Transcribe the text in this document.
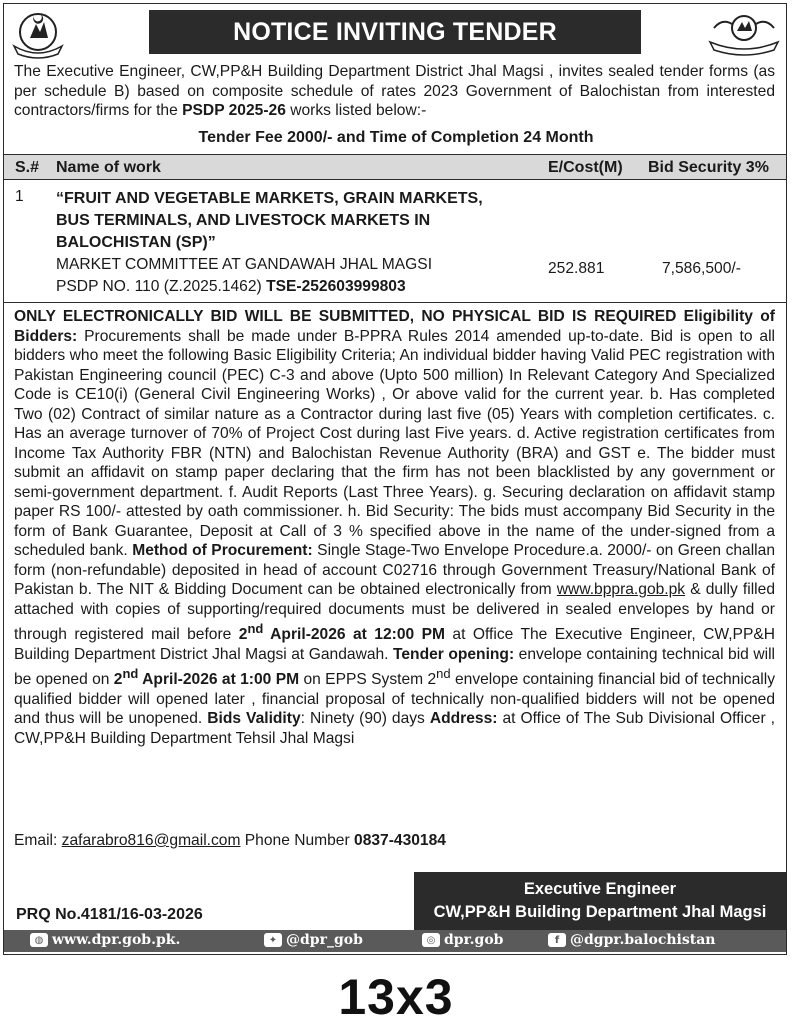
NOTICE INVITING TENDER
The Executive Engineer, CW,PP&H Building Department District Jhal Magsi , invites sealed tender forms (as per schedule B) based on composite schedule of rates 2023 Government of Balochistan from interested contractors/firms for the PSDP 2025-26 works listed below:-
Tender Fee 2000/- and Time of Completion 24 Month
S.# Name of work	E/Cost(M) Bid Security 3%
1 “FRUIT AND VEGETABLE MARKETS, GRAIN MARKETS,
BUS TERMINALS, AND LIVESTOCK MARKETS IN
BALOCHISTAN (SP)”
MARKET COMMITTEE AT GANDAWAH JHAL MAGSI
PSDP NO. 110 (Z.2025.1462) TSE-252603999803
252.881	7,586,500/-
ONLY ELECTRONICALLY BID WILL BE SUBMITTED, NO PHYSICAL BID IS REQUIRED Eligibility of Bidders: Procurements shall be made under B-PPRA Rules 2014 amended up-to-date. Bid is open to all bidders who meet the following Basic Eligibility Criteria; An individual bidder having Valid PEC registration with Pakistan Engineering council (PEC) C-3 and above (Upto 500 million) In Relevant Category And Specialized Code is CE10(i) (General Civil Engineering Works) , Or above valid for the current year. b. Has completed Two (02) Contract of similar nature as a Contractor during last five (05) Years with completion certificates. c. Has an average turnover of 70% of Project Cost during last Five years. d. Active registration certificates from Income Tax Authority FBR (NTN) and Balochistan Revenue Authority (BRA) and GST e. The bidder must submit an affidavit on stamp paper declaring that the firm has not been blacklisted by any government or semi-government department. f. Audit Reports (Last Three Years). g. Securing declaration on affidavit stamp paper RS 100/- attested by oath commissioner. h. Bid Security: The bids must accompany Bid Security in the form of Bank Guarantee, Deposit at Call of 3 % specified above in the name of the under-signed from a scheduled bank. Method of Procurement: Single Stage-Two Envelope Procedure.a. 2000/- on Green challan form (non-refundable) deposited in head of account C02716 through Government Treasury/National Bank of Pakistan b. The NIT & Bidding Document can be obtained electronically from www.bppra.gob.pk & dully filled attached with copies of supporting/required documents must be delivered in sealed envelopes by hand or through registered mail before 2nd April-2026 at 12:00 PM at Office The Executive Engineer, CW,PP&H Building Department District Jhal Magsi at Gandawah. Tender opening: envelope containing technical bid will be opened on 2nd April-2026 at 1:00 PM on EPPS System 2nd envelope containing financial bid of technically qualified bidder will opened later , financial proposal of technically non-qualified bidders will not be opened and thus will be unopened. Bids Validity: Ninety (90) days Address: at Office of The Sub Divisional Officer , CW,PP&H Building Department Tehsil Jhal Magsi
Email: zafarabro816@gmail.com Phone Number 0837-430184
PRQ No.4181/16-03-2026
Executive Engineer
CW,PP&H Building Department Jhal Magsi
◍ www.dpr.gob.pk.	✦ @dpr_gob	◎ dpr.gob	f @dgpr.balochistan
13x3
